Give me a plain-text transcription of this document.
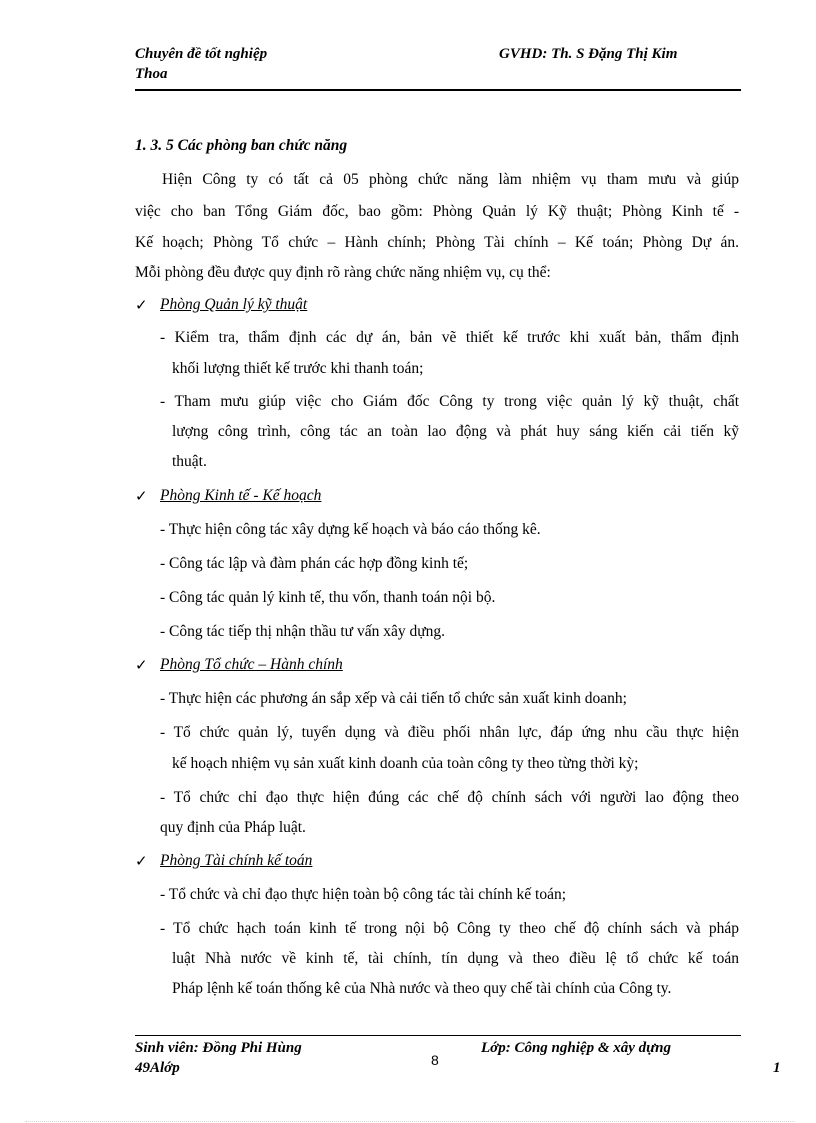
Chuyên đề tốt nghiệp
Thoa
GVHD: Th. S Đặng Thị Kim
1. 3. 5 Các phòng ban chức năng
Hiện Công ty có tất cả 05 phòng chức năng làm nhiệm vụ tham mưu và giúp
việc cho ban Tổng Giám đốc, bao gồm: Phòng Quản lý Kỹ thuật; Phòng Kinh tế -
Kế hoạch; Phòng Tổ chức – Hành chính; Phòng Tài chính – Kế toán; Phòng Dự án.
Mỗi phòng đều được quy định rõ ràng chức năng nhiệm vụ, cụ thể:
✓ Phòng Quản lý kỹ thuật
- Kiểm tra, thẩm định các dự án, bản vẽ thiết kế trước khi xuất bản, thẩm định
khối lượng thiết kế trước khi thanh toán;
- Tham mưu giúp việc cho Giám đốc Công ty trong việc quản lý kỹ thuật, chất
lượng công trình, công tác an toàn lao động và phát huy sáng kiến cải tiến kỹ
thuật.
✓ Phòng Kinh tế - Kế hoạch
- Thực hiện công tác xây dựng kế hoạch và báo cáo thống kê.
- Công tác lập và đàm phán các hợp đồng kinh tế;
- Công tác quản lý kinh tế, thu vốn, thanh toán nội bộ.
- Công tác tiếp thị nhận thầu tư vấn xây dựng.
✓ Phòng Tổ chức – Hành chính
- Thực hiện các phương án sắp xếp và cải tiến tổ chức sản xuất kinh doanh;
- Tổ chức quản lý, tuyển dụng và điều phối nhân lực, đáp ứng nhu cầu thực hiện
kế hoạch nhiệm vụ sản xuất kinh doanh của toàn công ty theo từng thời kỳ;
- Tổ chức chỉ đạo thực hiện đúng các chế độ chính sách với người lao động theo
quy định của Pháp luật.
✓ Phòng Tài chính kế toán
- Tổ chức và chỉ đạo thực hiện toàn bộ công tác tài chính kế toán;
- Tổ chức hạch toán kinh tế trong nội bộ Công ty theo chế độ chính sách và pháp
luật Nhà nước về kinh tế, tài chính, tín dụng và theo điều lệ tổ chức kế toán
Pháp lệnh kế toán thống kê của Nhà nước và theo quy chế tài chính của Công ty.
Sinh viên: Đồng Phi Hùng
49Alớp	8
Lớp: Công nghiệp & xây dựng
1
